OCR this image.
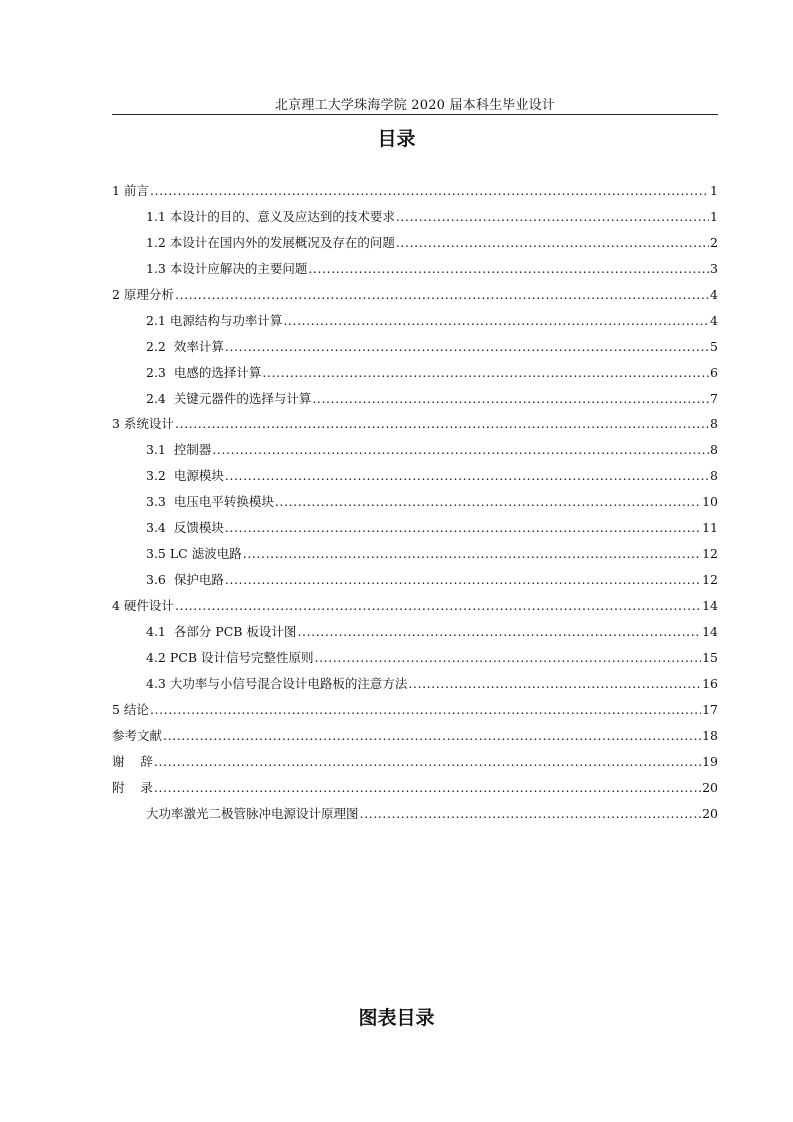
北京理工大学珠海学院 2020 届本科生毕业设计
目录
1 前言 .....	1
1.1 本设计的目的、意义及应达到的技术要求 .....	1
1.2 本设计在国内外的发展概况及存在的问题 .....	2
1.3 本设计应解决的主要问题 .....	3
2 原理分析 .....	4
2.1 电源结构与功率计算 .....	4
2.2  效率计算 .....	5
2.3  电感的选择计算 .....	6
2.4  关键元器件的选择与计算 .....	7
3 系统设计 .....	8
3.1  控制器 .....	8
3.2  电源模块 .....	8
3.3  电压电平转换模块 .....	10
3.4  反馈模块 .....	11
3.5 LC 滤波电路 .....	12
3.6  保护电路 .....	12
4 硬件设计 .....	14
4.1  各部分 PCB 板设计图 .....	14
4.2 PCB 设计信号完整性原则 .....	15
4.3 大功率与小信号混合设计电路板的注意方法 .....	16
5 结论 .....	17
参考文献 .....	18
谢    辞 .....	19
附    录 .....	20
大功率激光二极管脉冲电源设计原理图 .....	20
图表目录
